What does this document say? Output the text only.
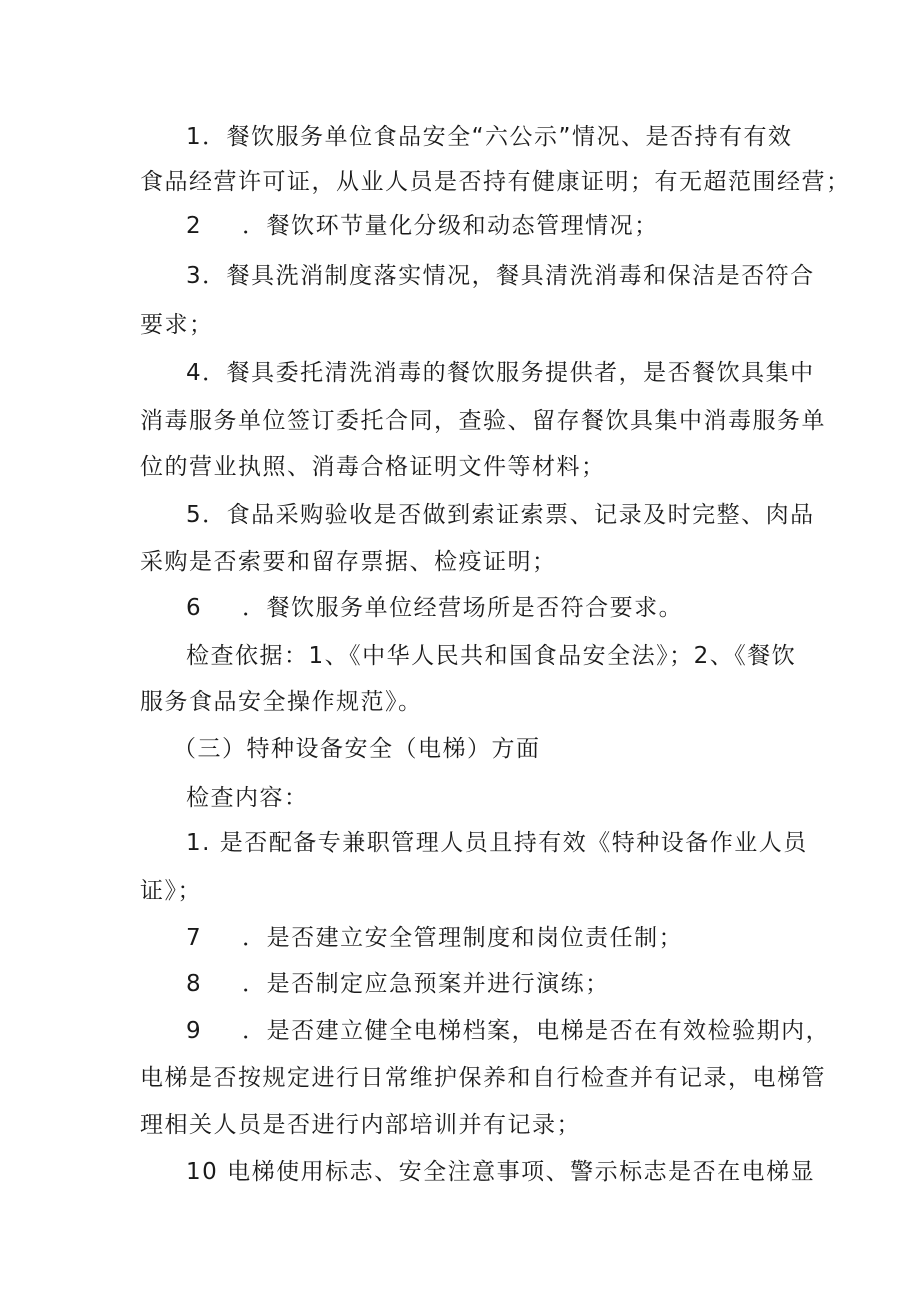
1．餐饮服务单位食品安全“六公示”情况、是否持有有效
食品经营许可证，从业人员是否持有健康证明；有无超范围经营；
2 ．餐饮环节量化分级和动态管理情况；
3．餐具洗消制度落实情况，餐具清洗消毒和保洁是否符合
要求；
4．餐具委托清洗消毒的餐饮服务提供者，是否餐饮具集中
消毒服务单位签订委托合同，查验、留存餐饮具集中消毒服务单
位的营业执照、消毒合格证明文件等材料；
5．食品采购验收是否做到索证索票、记录及时完整、肉品
采购是否索要和留存票据、检疫证明；
6 ．餐饮服务单位经营场所是否符合要求。
检查依据：1、《中华人民共和国食品安全法》；2、《餐饮
服务食品安全操作规范》。
（三）特种设备安全（电梯）方面
检查内容：
1. 是否配备专兼职管理人员且持有效《特种设备作业人员
证》；
7 ．是否建立安全管理制度和岗位责任制；
8 ．是否制定应急预案并进行演练；
9 ．是否建立健全电梯档案，电梯是否在有效检验期内，
电梯是否按规定进行日常维护保养和自行检查并有记录，电梯管
理相关人员是否进行内部培训并有记录；
10 电梯使用标志、安全注意事项、警示标志是否在电梯显
